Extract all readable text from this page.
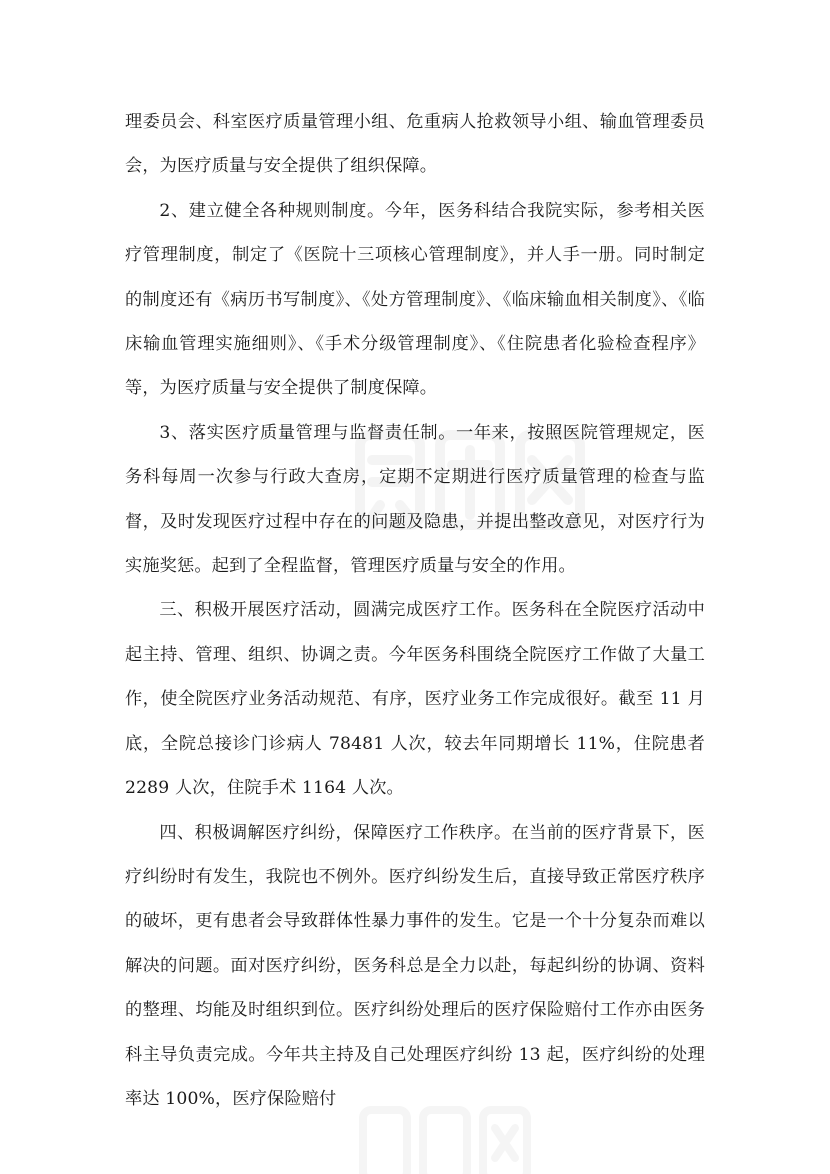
理委员会、科室医疗质量管理小组、危重病人抢救领导小组、输血管理委员会，为医疗质量与安全提供了组织保障。

2、建立健全各种规则制度。今年，医务科结合我院实际，参考相关医疗管理制度，制定了《医院十三项核心管理制度》，并人手一册。同时制定的制度还有《病历书写制度》、《处方管理制度》、《临床输血相关制度》、《临床输血管理实施细则》、《手术分级管理制度》、《住院患者化验检查程序》等，为医疗质量与安全提供了制度保障。

3、落实医疗质量管理与监督责任制。一年来，按照医院管理规定，医务科每周一次参与行政大查房，定期不定期进行医疗质量管理的检查与监督，及时发现医疗过程中存在的问题及隐患，并提出整改意见，对医疗行为实施奖惩。起到了全程监督，管理医疗质量与安全的作用。

三、积极开展医疗活动，圆满完成医疗工作。医务科在全院医疗活动中起主持、管理、组织、协调之责。今年医务科围绕全院医疗工作做了大量工作，使全院医疗业务活动规范、有序，医疗业务工作完成很好。截至 11 月底，全院总接诊门诊病人 78481 人次，较去年同期增长 11%，住院患者 2289 人次，住院手术 1164 人次。

四、积极调解医疗纠纷，保障医疗工作秩序。在当前的医疗背景下，医疗纠纷时有发生，我院也不例外。医疗纠纷发生后，直接导致正常医疗秩序的破坏，更有患者会导致群体性暴力事件的发生。它是一个十分复杂而难以解决的问题。面对医疗纠纷，医务科总是全力以赴，每起纠纷的协调、资料的整理、均能及时组织到位。医疗纠纷处理后的医疗保险赔付工作亦由医务科主导负责完成。今年共主持及自己处理医疗纠纷 13 起，医疗纠纷的处理率达 100%，医疗保险赔付
